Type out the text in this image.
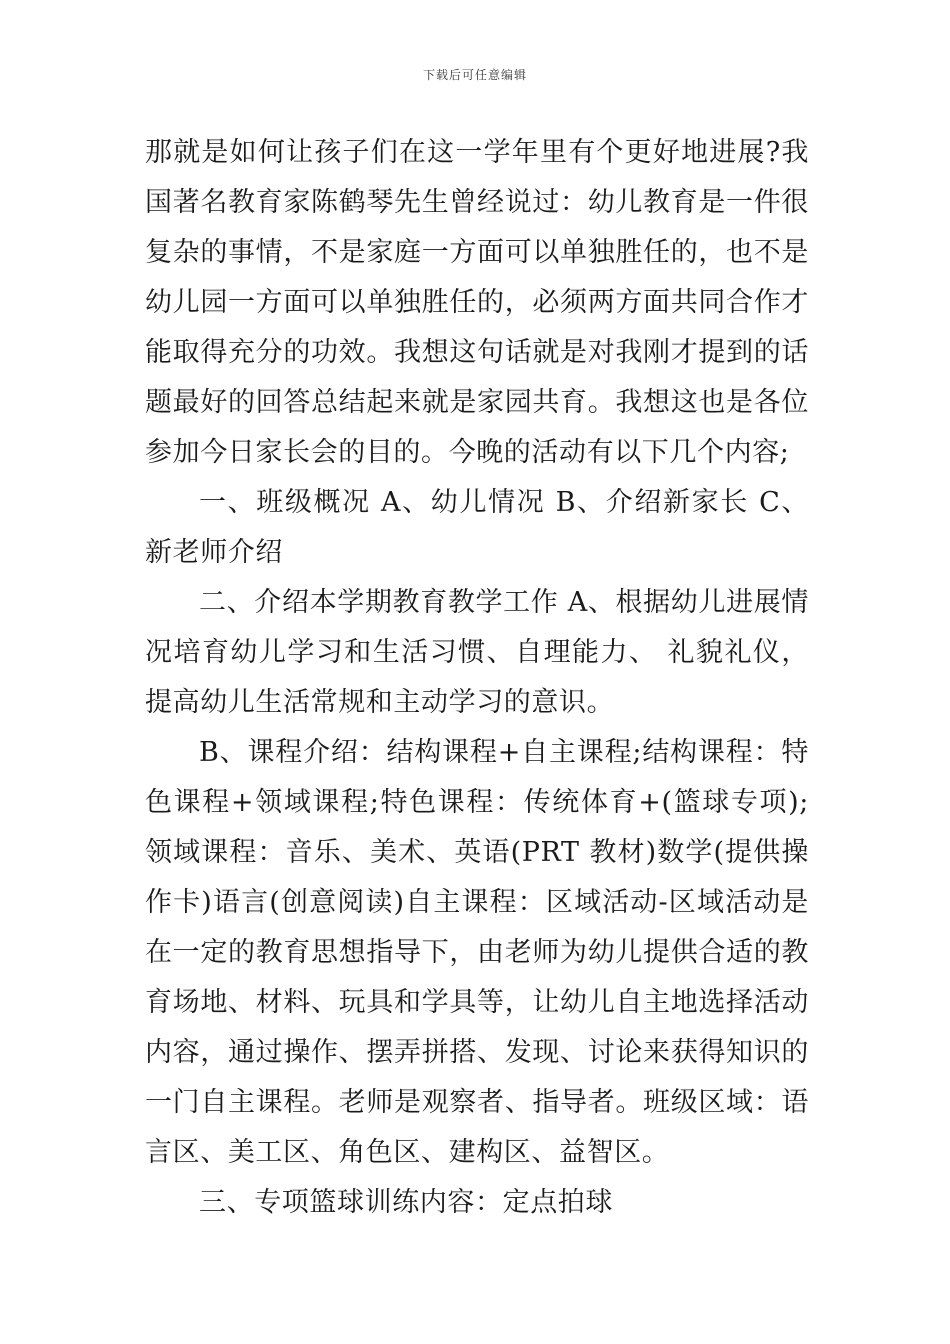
下载后可任意编辑

那就是如何让孩子们在这一学年里有个更好地进展?我国著名教育家陈鹤琴先生曾经说过：幼儿教育是一件很复杂的事情，不是家庭一方面可以单独胜任的，也不是幼儿园一方面可以单独胜任的，必须两方面共同合作才能取得充分的功效。我想这句话就是对我刚才提到的话题最好的回答总结起来就是家园共育。我想这也是各位参加今日家长会的目的。今晚的活动有以下几个内容;

一、班级概况 A、幼儿情况 B、介绍新家长 C、新老师介绍

二、介绍本学期教育教学工作 A、根据幼儿进展情况培育幼儿学习和生活习惯、自理能力、 礼貌礼仪，提高幼儿生活常规和主动学习的意识。

B、课程介绍：结构课程+自主课程;结构课程：特色课程+领域课程;特色课程：传统体育+(篮球专项);领域课程：音乐、美术、英语(PRT 教材)数学(提供操作卡)语言(创意阅读)自主课程：区域活动-区域活动是在一定的教育思想指导下，由老师为幼儿提供合适的教育场地、材料、玩具和学具等，让幼儿自主地选择活动内容，通过操作、摆弄拼搭、发现、讨论来获得知识的一门自主课程。老师是观察者、指导者。班级区域：语言区、美工区、角色区、建构区、益智区。

三、专项篮球训练内容：定点拍球
